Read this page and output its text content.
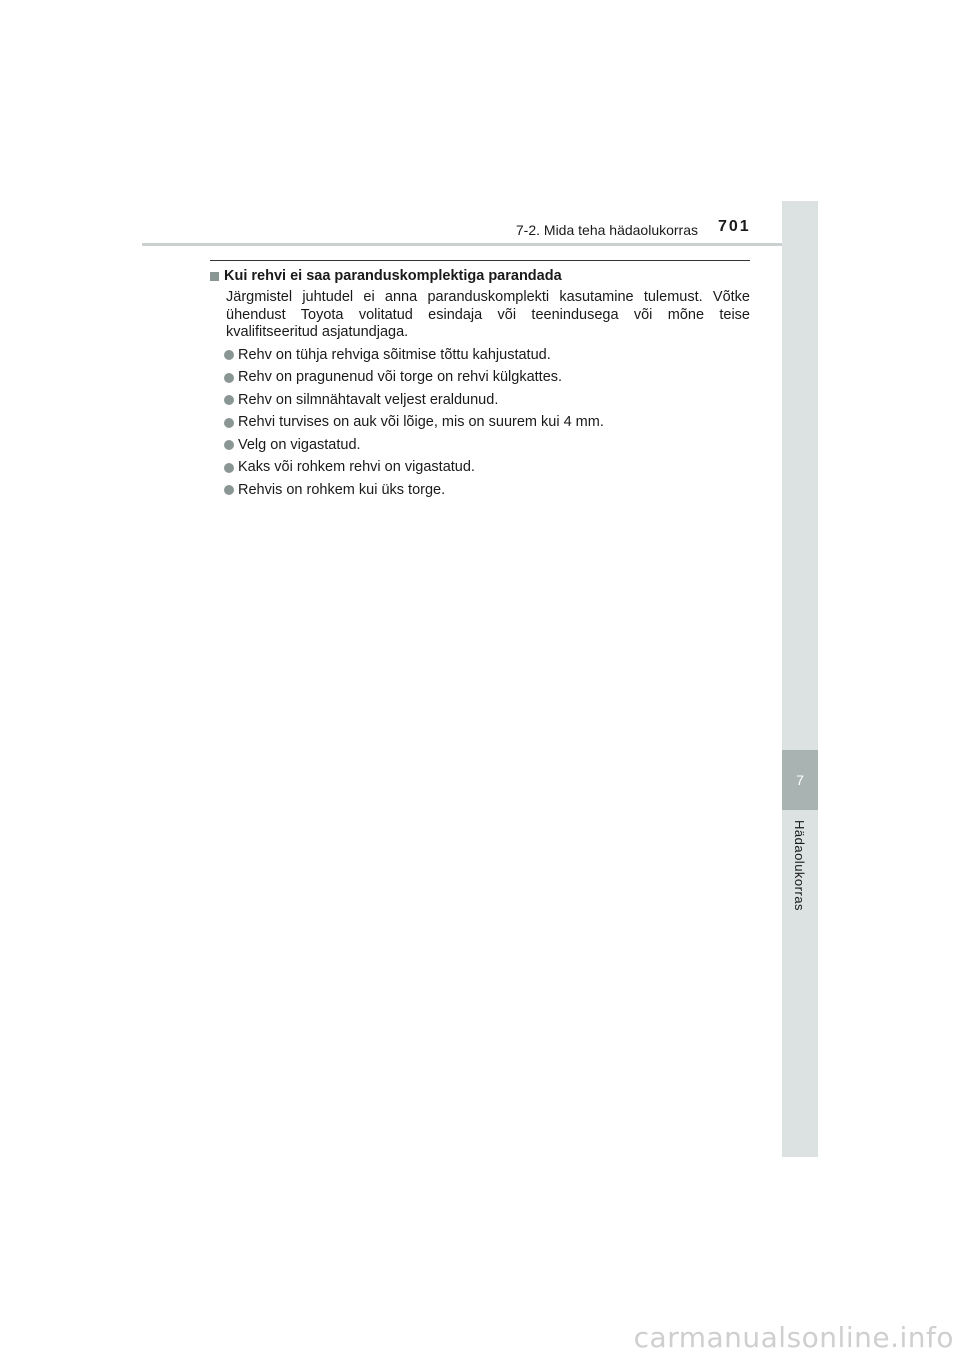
7-2. Mida teha hädaolukorras 701
7
Hädaolukorras
Kui rehvi ei saa paranduskomplektiga parandada

Järgmistel juhtudel ei anna paranduskomplekti kasutamine tulemust. Võtke ühendust Toyota volitatud esindaja või teenindusega või mõne teise kvalifitseeritud asjatundjaga.

Rehv on tühja rehviga sõitmise tõttu kahjustatud.
Rehv on pragunenud või torge on rehvi külgkattes.
Rehv on silmnähtavalt veljest eraldunud.
Rehvi turvises on auk või lõige, mis on suurem kui 4 mm.
Velg on vigastatud.
Kaks või rohkem rehvi on vigastatud.
Rehvis on rohkem kui üks torge.
carmanualsonline.info
